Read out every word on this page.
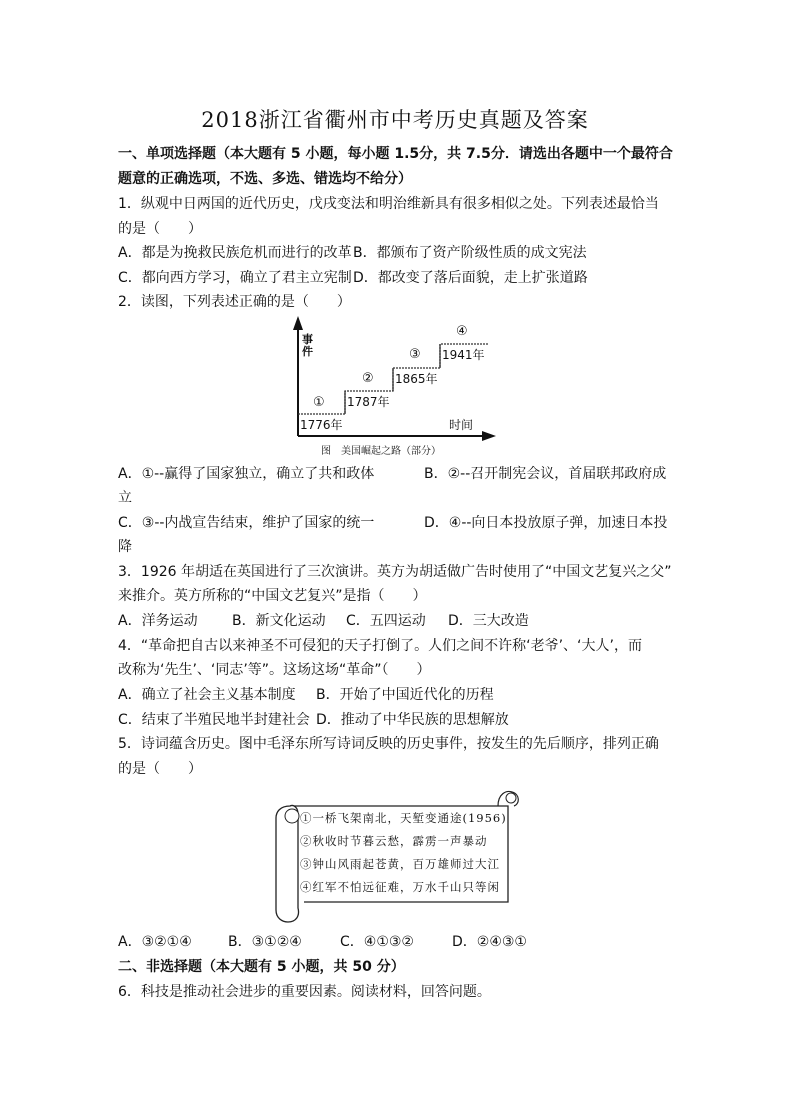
2018浙江省衢州市中考历史真题及答案
一、单项选择题（本大题有 5 小题，每小题 1.5分，共 7.5分．请选出各题中一个最符合
题意的正确选项，不选、多选、错选均不给分）
1．纵观中日两国的近代历史，戊戌变法和明治维新具有很多相似之处。下列表述最恰当
的是（　　）
A．都是为挽救民族危机而进行的改革 B．都颁布了资产阶级性质的成文宪法
C．都向西方学习，确立了君主立宪制 D．都改变了落后面貌，走上扩张道路
2．读图，下列表述正确的是（　　）
事件
时间
①
1776年
②
1787年
③
1865年
④
1941年
图　美国崛起之路（部分）
A．①--赢得了国家独立，确立了共和政体	B．②--召开制宪会议，首届联邦政府成
立
C．③--内战宣告结束，维护了国家的统一	D．④--向日本投放原子弹，加速日本投
降
3．1926 年胡适在英国进行了三次演讲。英方为胡适做广告时使用了“中国文艺复兴之父”
来推介。英方所称的“中国文艺复兴”是指（　　）
A．洋务运动 B．新文化运动 C．五四运动 D．三大改造
4．“革命把自古以来神圣不可侵犯的天子打倒了。人们之间不许称‘老爷’、‘大人’，而
改称为‘先生’、‘同志’等”。这场这场“革命”（　　）
A．确立了社会主义基本制度 B．开始了中国近代化的历程
C．结束了半殖民地半封建社会 D．推动了中华民族的思想解放
5．诗词蕴含历史。图中毛泽东所写诗词反映的历史事件，按发生的先后顺序，排列正确
的是（　　）
①一桥飞架南北，天堑变通途(1956)
②秋收时节暮云愁，霹雳一声暴动
③钟山风雨起苍黄，百万雄师过大江
④红军不怕远征难，万水千山只等闲
A．③②①④	B．③①②④	C．④①③②	D．②④③①
二、非选择题（本大题有 5 小题，共 50 分）
6．科技是推动社会进步的重要因素。阅读材料，回答问题。
